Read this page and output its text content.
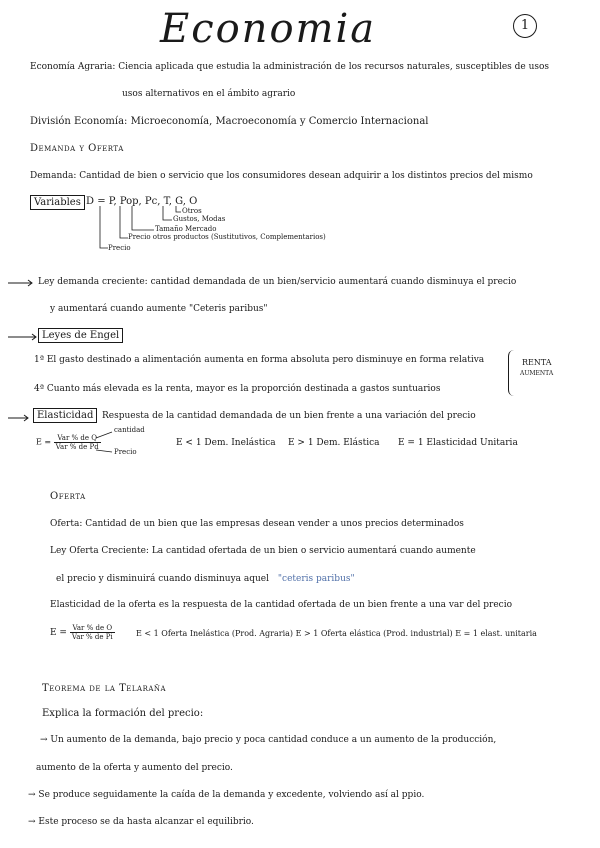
Economia	1
Economía Agraria: Ciencia aplicada que estudia la administración de los recursos naturales, susceptibles de usos
usos alternativos en el ámbito agrario
División Economía: Microeconomía, Macroeconomía y Comercio Internacional
Demanda y Oferta
Demanda: Cantidad de bien o servicio que los consumidores desean adquirir a los distintos precios del mismo
Variables D = P, Pop, Pc, T, G, O
Otros
Gustos, Modas
Tamaño Mercado
Precio otros productos (Sustitutivos, Complementarios)
Precio
Ley demanda creciente: cantidad demandada de un bien/servicio aumentará cuando disminuya el precio
y aumentará cuando aumente "Ceteris paribus"
Leyes de Engel
1ª El gasto destinado a alimentación aumenta en forma absoluta pero disminuye en forma relativa
4ª Cuanto más elevada es la renta, mayor es la proporción destinada a gastos suntuarios
RENTA
AUMENTA
Elasticidad Respuesta de la cantidad demandada de un bien frente a una variación del precio
$E = \frac{\text{Var \% de Q}}{\text{Var \% de Pd}}$
cantidad
Precio
E < 1 Dem. Inelástica E > 1 Dem. Elástica E = 1 Elasticidad Unitaria
Oferta
Oferta: Cantidad de un bien que las empresas desean vender a unos precios determinados
Ley Oferta Creciente: La cantidad ofertada de un bien o servicio aumentará cuando aumente
el precio y disminuirá cuando disminuya aquel "ceteris paribus"
Elasticidad de la oferta es la respuesta de la cantidad ofertada de un bien frente a una var del precio
$E = \frac{\text{Var \% de O}}{\text{Var \% de Pi}}$	E < 1 Oferta Inelástica (Prod. Agraria) E > 1 Oferta elástica (Prod. industrial) E = 1 elast. unitaria
Teorema de la Telaraña
Explica la formación del precio:
→ Un aumento de la demanda, bajo precio y poca cantidad conduce a un aumento de la producción,
aumento de la oferta y aumento del precio.
→ Se produce seguidamente la caída de la demanda y excedente, volviendo así al ppio.
→ Este proceso se da hasta alcanzar el equilibrio.
